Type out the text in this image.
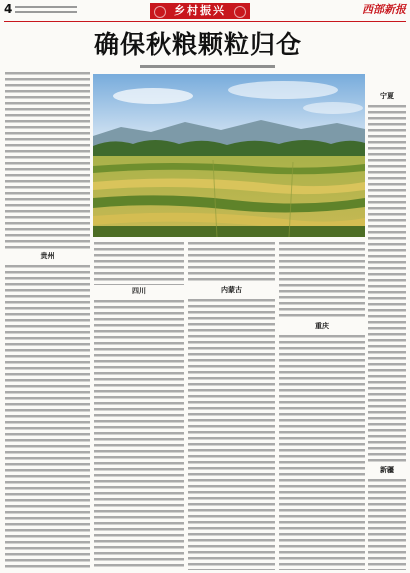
4	乡村振兴	西部新报
确保秋粮颗粒归仓
贵州
四川	内蒙古
重庆
宁夏
新疆
